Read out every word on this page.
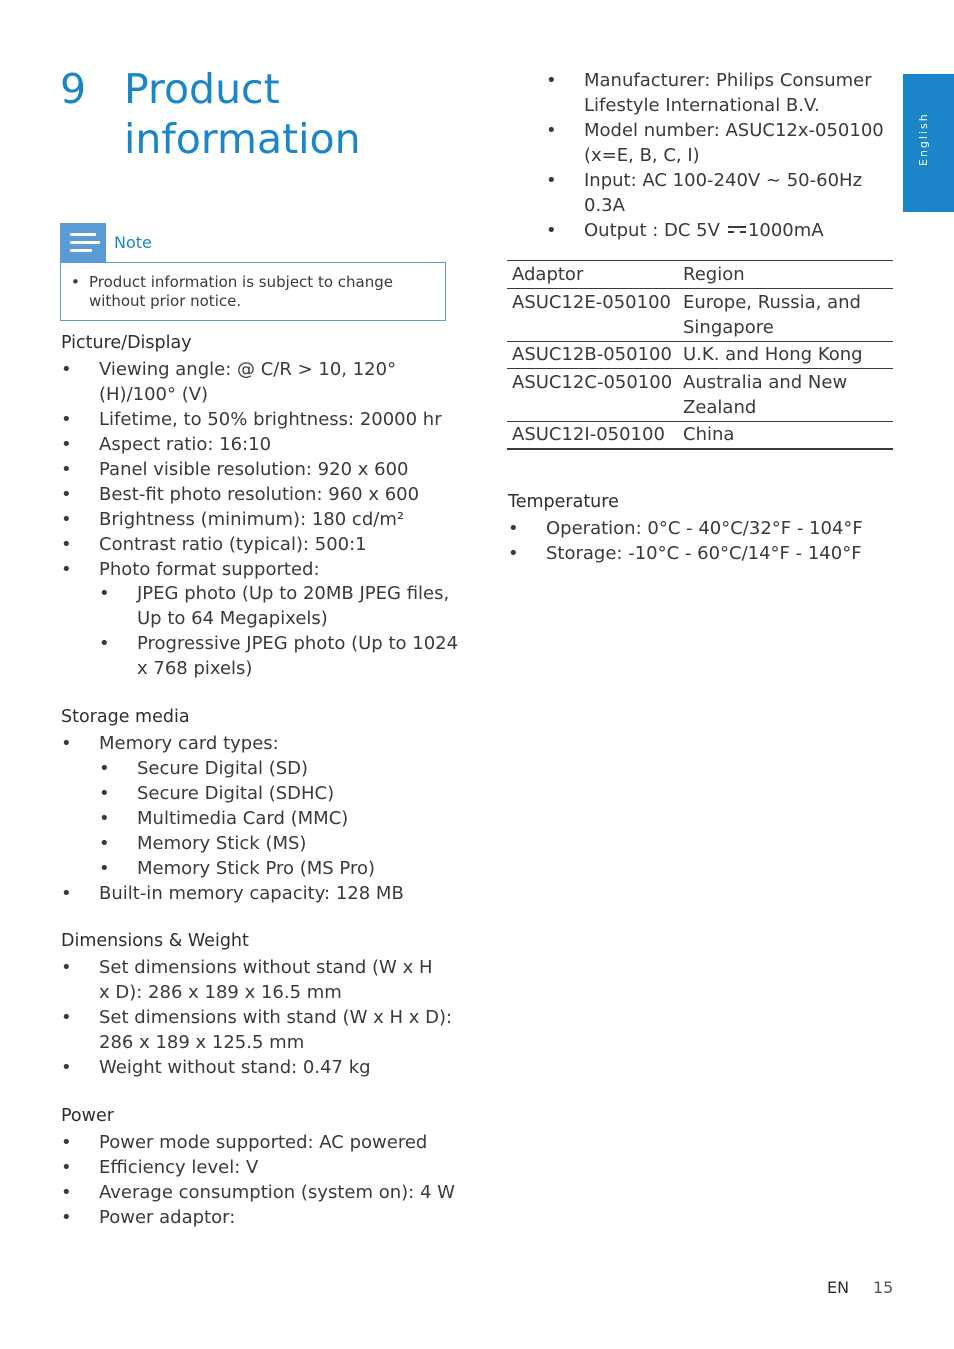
9 Product
information	English
Note
• Product information is subject to change without prior notice.
Picture/Display
• Viewing angle: @ C/R > 10, 120°
(H)/100° (V)
• Lifetime, to 50% brightness: 20000 hr
• Aspect ratio: 16:10
• Panel visible resolution: 920 x 600
• Best-fit photo resolution: 960 x 600
• Brightness (minimum): 180 cd/m²
• Contrast ratio (typical): 500:1
• Photo format supported:
• JPEG photo (Up to 20MB JPEG files,
Up to 64 Megapixels)
• Progressive JPEG photo (Up to 1024
x 768 pixels)
Storage media
• Memory card types:
• Secure Digital (SD)
• Secure Digital (SDHC)
• Multimedia Card (MMC)
• Memory Stick (MS)
• Memory Stick Pro (MS Pro)
• Built-in memory capacity: 128 MB
Dimensions & Weight
• Set dimensions without stand (W x H
x D): 286 x 189 x 16.5 mm
• Set dimensions with stand (W x H x D):
286 x 189 x 125.5 mm
• Weight without stand: 0.47 kg
Power
• Power mode supported: AC powered
• Efficiency level: V
• Average consumption (system on): 4 W
• Power adaptor:
• Manufacturer: Philips Consumer
Lifestyle International B.V.
• Model number: ASUC12x-050100
(x=E, B, C, I)
• Input: AC 100-240V ~ 50-60Hz
0.3A
• Output : DC 5V 1000mA
Adaptor	Region
ASUC12E-050100 Europe, Russia, and
Singapore
ASUC12B-050100 U.K. and Hong Kong
ASUC12C-050100 Australia and New
Zealand
ASUC12I-050100 China
Temperature
• Operation: 0°C - 40°C/32°F - 104°F
• Storage: -10°C - 60°C/14°F - 140°F
EN 15
